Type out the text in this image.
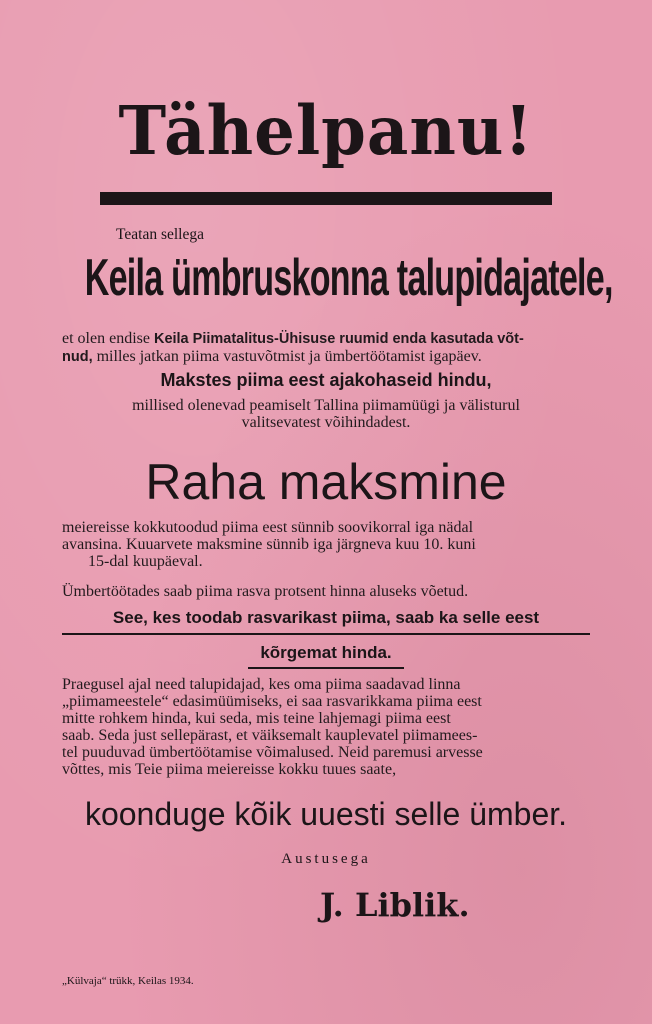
Tähelpanu!
Teatan sellega
Keila ümbruskonna talupidajatele,
et olen endise Keila Piimatalitus-Ühisuse ruumid enda kasutada võt-
nud, milles jatkan piima vastuvõtmist ja ümbertöötamist igapäev.
Makstes piima eest ajakohaseid hindu,
millised olenevad peamiselt Tallina piimamüügi ja välisturul
valitsevatest võihindadest.
Raha maksmine
meiereisse kokkutoodud piima eest sünnib soovikorral iga nädal
avansina. Kuuarvete maksmine sünnib iga järgneva kuu 10. kuni
15-dal kuupäeval.
Ümbertöötades saab piima rasva protsent hinna aluseks võetud.
See, kes toodab rasvarikast piima, saab ka selle eest
kõrgemat hinda.
Praegusel ajal need talupidajad, kes oma piima saadavad linna
„piimameestele“ edasimüümiseks, ei saa rasvarikkama piima eest
mitte rohkem hinda, kui seda, mis teine lahjemagi piima eest
saab. Seda just sellepärast, et väiksemalt kauplevatel piimamees-
tel puuduvad ümbertöötamise võimalused. Neid paremusi arvesse
võttes, mis Teie piima meiereisse kokku tuues saate,
koonduge kõik uuesti selle ümber.
Austusega
J. Liblik.
„Külvaja“ trükk, Keilas 1934.
